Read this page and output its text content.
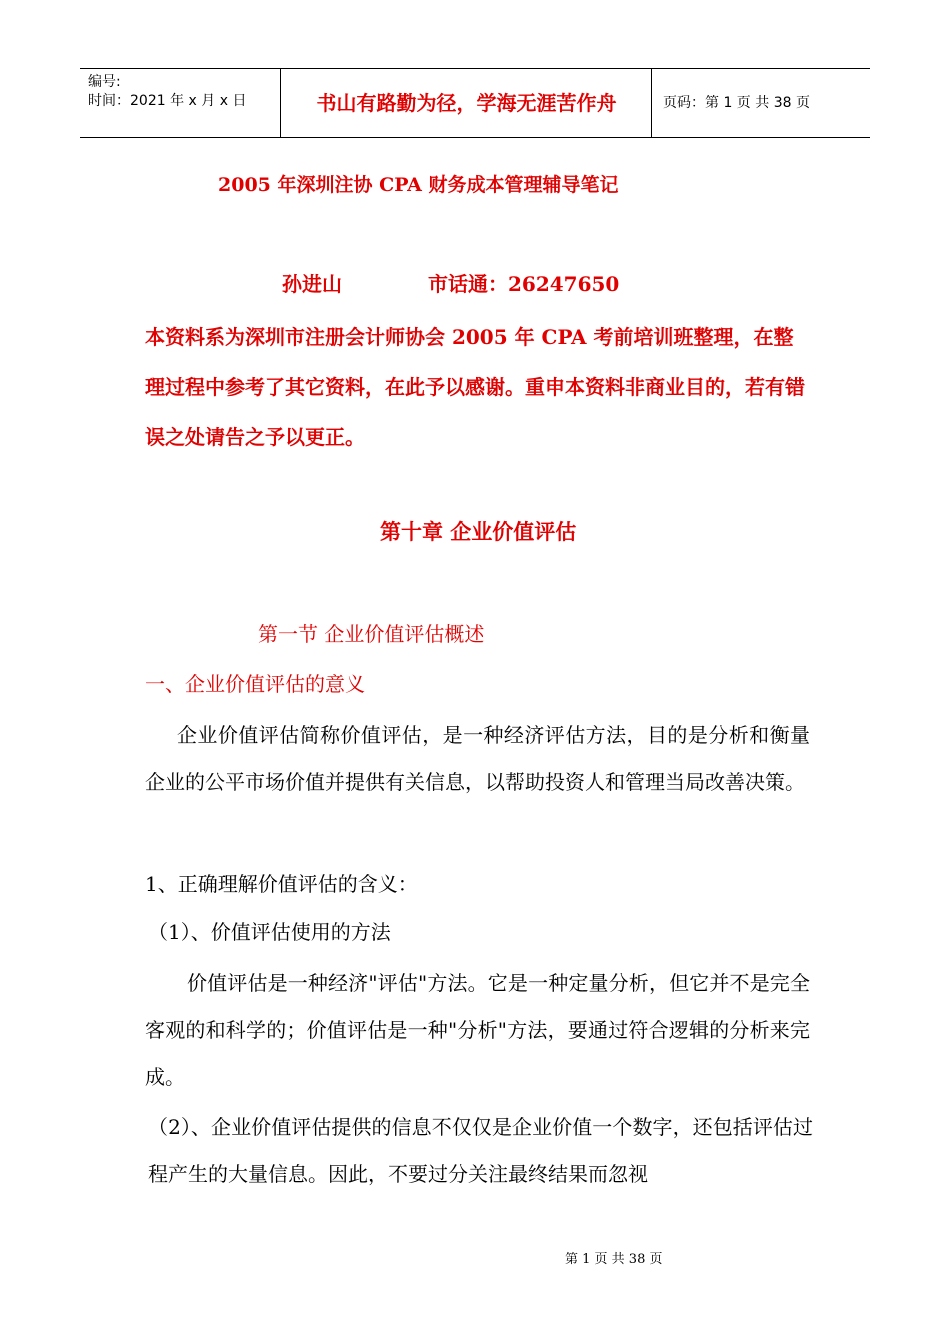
编号:
时间：2021 年 x 月 x 日	书山有路勤为径，学海无涯苦作舟	页码：第 1 页 共 38 页
2005 年深圳注协 CPA 财务成本管理辅导笔记
孙进山	市话通：26247650
本资料系为深圳市注册会计师协会 2005 年 CPA 考前培训班整理，在整理过程中参考了其它资料，在此予以感谢。重申本资料非商业目的，若有错误之处请告之予以更正。
第十章 企业价值评估
第一节 企业价值评估概述
一、企业价值评估的意义
企业价值评估简称价值评估，是一种经济评估方法，目的是分析和衡量企业的公平市场价值并提供有关信息，以帮助投资人和管理当局改善决策。
1、正确理解价值评估的含义：
（1）、价值评估使用的方法
价值评估是一种经济"评估"方法。它是一种定量分析，但它并不是完全客观的和科学的；价值评估是一种"分析"方法，要通过符合逻辑的分析来完成。
（2）、企业价值评估提供的信息不仅仅是企业价值一个数字，还包括评估过程产生的大量信息。因此，不要过分关注最终结果而忽视
第 1 页 共 38 页
